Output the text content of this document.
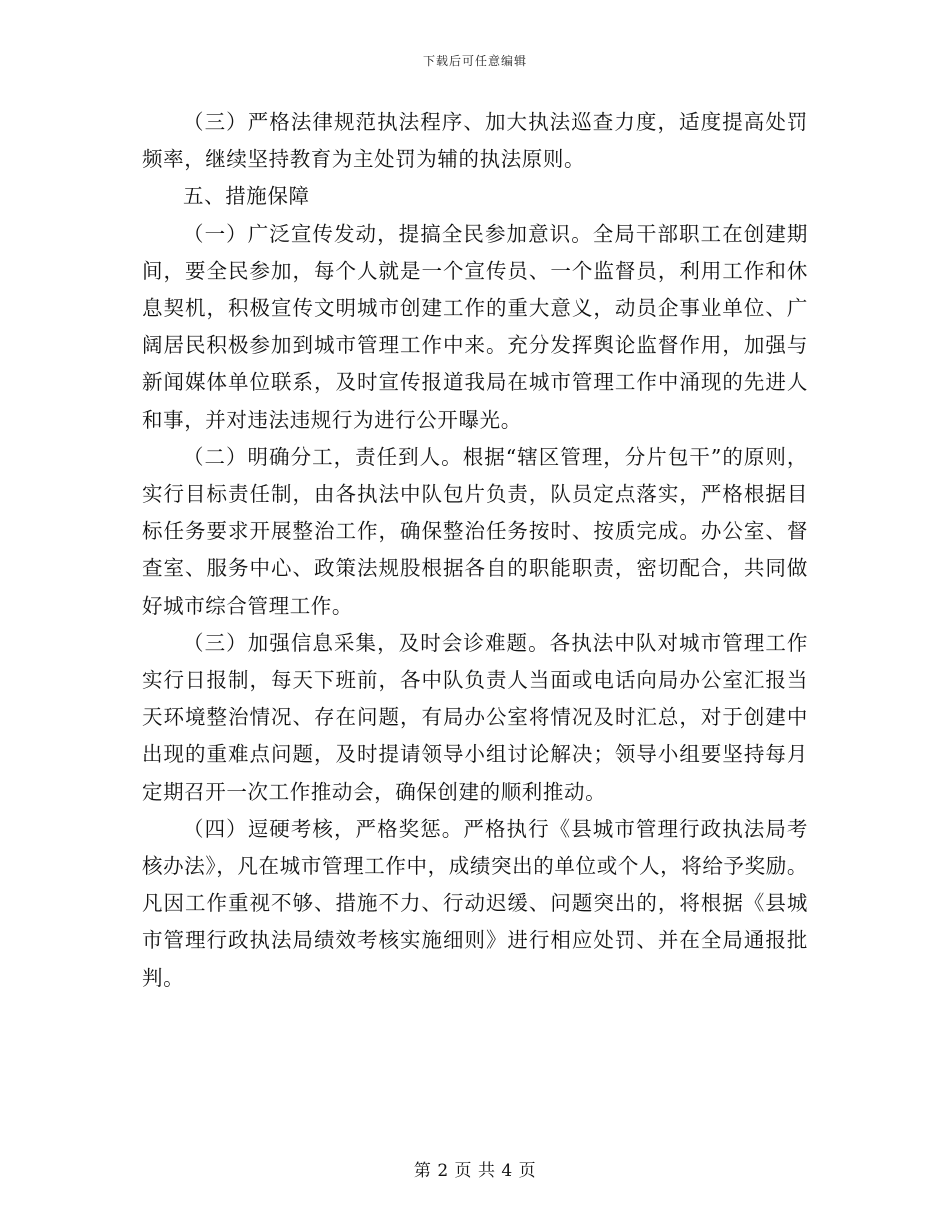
下载后可任意编辑

（三）严格法律规范执法程序、加大执法巡查力度，适度提高处罚频率，继续坚持教育为主处罚为辅的执法原则。

五、措施保障

（一）广泛宣传发动，提搞全民参加意识。全局干部职工在创建期间，要全民参加，每个人就是一个宣传员、一个监督员，利用工作和休息契机，积极宣传文明城市创建工作的重大意义，动员企事业单位、广阔居民积极参加到城市管理工作中来。充分发挥舆论监督作用，加强与新闻媒体单位联系，及时宣传报道我局在城市管理工作中涌现的先进人和事，并对违法违规行为进行公开曝光。

（二）明确分工，责任到人。根据“辖区管理，分片包干”的原则，实行目标责任制，由各执法中队包片负责，队员定点落实，严格根据目标任务要求开展整治工作，确保整治任务按时、按质完成。办公室、督查室、服务中心、政策法规股根据各自的职能职责，密切配合，共同做好城市综合管理工作。

（三）加强信息采集，及时会诊难题。各执法中队对城市管理工作实行日报制，每天下班前，各中队负责人当面或电话向局办公室汇报当天环境整治情况、存在问题，有局办公室将情况及时汇总，对于创建中出现的重难点问题，及时提请领导小组讨论解决；领导小组要坚持每月定期召开一次工作推动会，确保创建的顺利推动。

（四）逗硬考核，严格奖惩。严格执行《县城市管理行政执法局考核办法》，凡在城市管理工作中，成绩突出的单位或个人，将给予奖励。凡因工作重视不够、措施不力、行动迟缓、问题突出的，将根据《县城市管理行政执法局绩效考核实施细则》进行相应处罚、并在全局通报批判。

第 2 页 共 4 页
